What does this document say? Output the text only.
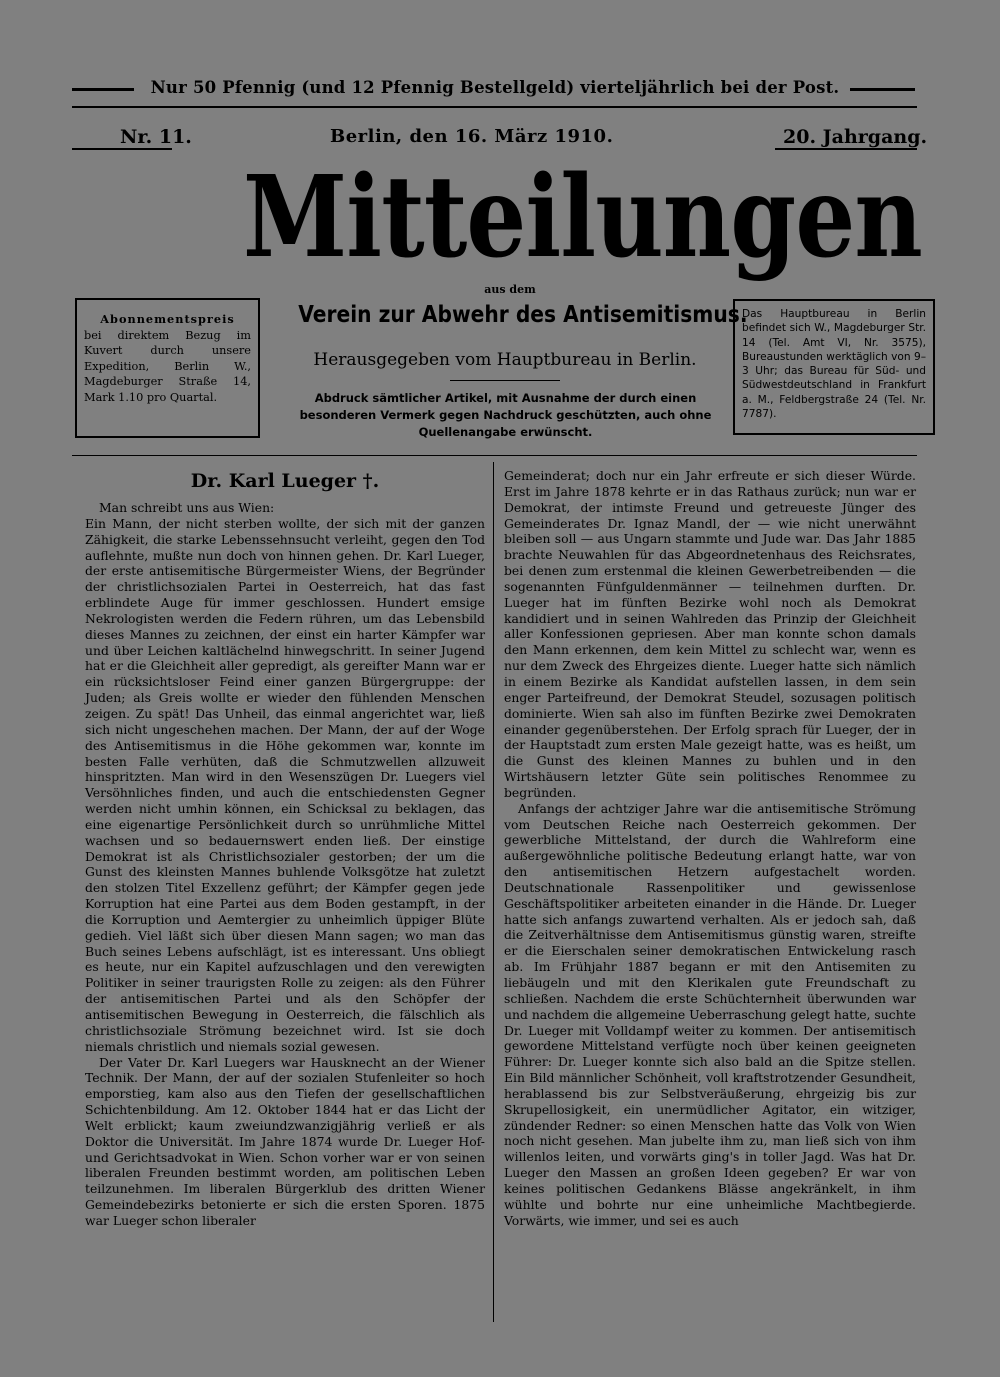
Nur 50 Pfennig (und 12 Pfennig Bestellgeld) vierteljährlich bei der Post.
Nr. 11.	Berlin, den 16. März 1910.	20. Jahrgang.
Mitteilungen
aus dem
Verein zur Abwehr des Antisemitismus.
Herausgegeben vom Hauptbureau in Berlin.
Abdruck sämtlicher Artikel, mit Ausnahme der durch einen besonderen Vermerk gegen Nachdruck geschützten, auch ohne Quellenangabe erwünscht.
Abonnementspreis
bei direktem Bezug im Kuvert durch unsere Expedition, Berlin W., Magdeburger Straße 14, Mark 1.10 pro Quartal.
Das Hauptbureau in Berlin befindet sich W., Magdeburger Str. 14 (Tel. Amt VI, Nr. 3575), Bureaustunden werktäglich von 9–3 Uhr; das Bureau für Süd- und Südwestdeutschland in Frankfurt a. M., Feldbergstraße 24 (Tel. Nr. 7787).
Dr. Karl Lueger †.

Man schreibt uns aus Wien:

Ein Mann, der nicht sterben wollte, der sich mit der ganzen Zähigkeit, die starke Lebenssehnsucht verleiht, gegen den Tod auflehnte, mußte nun doch von hinnen gehen. Dr. Karl Lueger, der erste antisemitische Bürgermeister Wiens, der Begründer der christlichsozialen Partei in Oesterreich, hat das fast erblindete Auge für immer geschlossen. Hundert emsige Nekrologisten werden die Federn rühren, um das Lebensbild dieses Mannes zu zeichnen, der einst ein harter Kämpfer war und über Leichen kaltlächelnd hinwegschritt. In seiner Jugend hat er die Gleichheit aller gepredigt, als gereifter Mann war er ein rücksichtsloser Feind einer ganzen Bürgergruppe: der Juden; als Greis wollte er wieder den fühlenden Menschen zeigen. Zu spät! Das Unheil, das einmal angerichtet war, ließ sich nicht ungeschehen machen. Der Mann, der auf der Woge des Antisemitismus in die Höhe gekommen war, konnte im besten Falle verhüten, daß die Schmutzwellen allzuweit hinspritzten. Man wird in den Wesenszügen Dr. Luegers viel Versöhnliches finden, und auch die entschiedensten Gegner werden nicht umhin können, ein Schicksal zu beklagen, das eine eigenartige Persönlichkeit durch so unrühmliche Mittel wachsen und so bedauernswert enden ließ. Der einstige Demokrat ist als Christlichsozialer gestorben; der um die Gunst des kleinsten Mannes buhlende Volksgötze hat zuletzt den stolzen Titel Exzellenz geführt; der Kämpfer gegen jede Korruption hat eine Partei aus dem Boden gestampft, in der die Korruption und Aemtergier zu unheimlich üppiger Blüte gedieh. Viel läßt sich über diesen Mann sagen; wo man das Buch seines Lebens aufschlägt, ist es interessant. Uns obliegt es heute, nur ein Kapitel aufzuschlagen und den verewigten Politiker in seiner traurigsten Rolle zu zeigen: als den Führer der antisemitischen Partei und als den Schöpfer der antisemitischen Bewegung in Oesterreich, die fälschlich als christlichsoziale Strömung bezeichnet wird. Ist sie doch niemals christlich und niemals sozial gewesen.

Der Vater Dr. Karl Luegers war Hausknecht an der Wiener Technik. Der Mann, der auf der sozialen Stufenleiter so hoch emporstieg, kam also aus den Tiefen der gesellschaftlichen Schichtenbildung. Am 12. Oktober 1844 hat er das Licht der Welt erblickt; kaum zweiundzwanzigjährig verließ er als Doktor die Universität. Im Jahre 1874 wurde Dr. Lueger Hof- und Gerichtsadvokat in Wien. Schon vorher war er von seinen liberalen Freunden bestimmt worden, am politischen Leben teilzunehmen. Im liberalen Bürgerklub des dritten Wiener Gemeindebezirks betonierte er sich die ersten Sporen. 1875 war Lueger schon liberaler

Gemeinderat; doch nur ein Jahr erfreute er sich dieser Würde. Erst im Jahre 1878 kehrte er in das Rathaus zurück; nun war er Demokrat, der intimste Freund und getreueste Jünger des Gemeinderates Dr. Ignaz Mandl, der — wie nicht unerwähnt bleiben soll — aus Ungarn stammte und Jude war. Das Jahr 1885 brachte Neuwahlen für das Abgeordnetenhaus des Reichsrates, bei denen zum erstenmal die kleinen Gewerbetreibenden — die sogenannten Fünfguldenmänner — teilnehmen durften. Dr. Lueger hat im fünften Bezirke wohl noch als Demokrat kandidiert und in seinen Wahlreden das Prinzip der Gleichheit aller Konfessionen gepriesen. Aber man konnte schon damals den Mann erkennen, dem kein Mittel zu schlecht war, wenn es nur dem Zweck des Ehrgeizes diente. Lueger hatte sich nämlich in einem Bezirke als Kandidat aufstellen lassen, in dem sein enger Parteifreund, der Demokrat Steudel, sozusagen politisch dominierte. Wien sah also im fünften Bezirke zwei Demokraten einander gegenüberstehen. Der Erfolg sprach für Lueger, der in der Hauptstadt zum ersten Male gezeigt hatte, was es heißt, um die Gunst des kleinen Mannes zu buhlen und in den Wirtshäusern letzter Güte sein politisches Renommee zu begründen.

Anfangs der achtziger Jahre war die antisemitische Strömung vom Deutschen Reiche nach Oesterreich gekommen. Der gewerbliche Mittelstand, der durch die Wahlreform eine außergewöhnliche politische Bedeutung erlangt hatte, war von den antisemitischen Hetzern aufgestachelt worden. Deutschnationale Rassenpolitiker und gewissenlose Geschäftspolitiker arbeiteten einander in die Hände. Dr. Lueger hatte sich anfangs zuwartend verhalten. Als er jedoch sah, daß die Zeitverhältnisse dem Antisemitismus günstig waren, streifte er die Eierschalen seiner demokratischen Entwickelung rasch ab. Im Frühjahr 1887 begann er mit den Antisemiten zu liebäugeln und mit den Klerikalen gute Freundschaft zu schließen. Nachdem die erste Schüchternheit überwunden war und nachdem die allgemeine Ueberraschung gelegt hatte, suchte Dr. Lueger mit Volldampf weiter zu kommen. Der antisemitisch gewordene Mittelstand verfügte noch über keinen geeigneten Führer: Dr. Lueger konnte sich also bald an die Spitze stellen. Ein Bild männlicher Schönheit, voll kraftstrotzender Gesundheit, herablassend bis zur Selbstveräußerung, ehrgeizig bis zur Skrupellosigkeit, ein unermüdlicher Agitator, ein witziger, zündender Redner: so einen Menschen hatte das Volk von Wien noch nicht gesehen. Man jubelte ihm zu, man ließ sich von ihm willenlos leiten, und vorwärts ging's in toller Jagd. Was hat Dr. Lueger den Massen an großen Ideen gegeben? Er war von keines politischen Gedankens Blässe angekränkelt, in ihm wühlte und bohrte nur eine unheimliche Machtbegierde. Vorwärts, wie immer, und sei es auch
